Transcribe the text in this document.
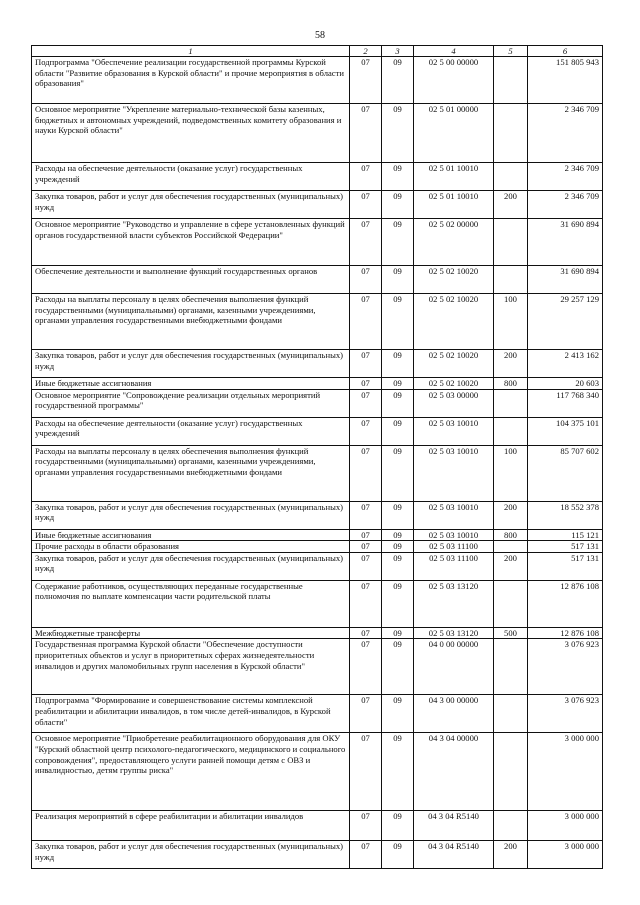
58
1	2	3	4	5	6
Подпрограмма "Обеспечение реализации государственной программы Курской области "Развитие образования в Курской области" и прочие мероприятия в области образования"	07	09	02 5 00 00000		151 805 943
Основное мероприятие "Укрепление материально-технической базы казенных, бюджетных и автономных учреждений, подведомственных комитету образования и науки Курской области"	07	09	02 5 01 00000		2 346 709
Расходы на обеспечение деятельности (оказание услуг) государственных учреждений	07	09	02 5 01 10010		2 346 709
Закупка товаров, работ и услуг для обеспечения государственных (муниципальных) нужд	07	09	02 5 01 10010	200	2 346 709
Основное мероприятие "Руководство и управление в сфере установленных функций органов государственной власти субъектов Российской Федерации"	07	09	02 5 02 00000		31 690 894
Обеспечение деятельности и выполнение функций государственных органов	07	09	02 5 02 10020		31 690 894
Расходы на выплаты персоналу в целях обеспечения выполнения функций государственными (муниципальными) органами, казенными учреждениями, органами управления государственными внебюджетными фондами	07	09	02 5 02 10020	100	29 257 129
Закупка товаров, работ и услуг для обеспечения государственных (муниципальных) нужд	07	09	02 5 02 10020	200	2 413 162
Иные бюджетные ассигнования	07	09	02 5 02 10020	800	20 603
Основное мероприятие "Сопровождение реализации отдельных мероприятий государственной программы"	07	09	02 5 03 00000		117 768 340
Расходы на обеспечение деятельности (оказание услуг) государственных учреждений	07	09	02 5 03 10010		104 375 101
Расходы на выплаты персоналу в целях обеспечения выполнения функций государственными (муниципальными) органами, казенными учреждениями, органами управления государственными внебюджетными фондами	07	09	02 5 03 10010	100	85 707 602
Закупка товаров, работ и услуг для обеспечения государственных (муниципальных) нужд	07	09	02 5 03 10010	200	18 552 378
Иные бюджетные ассигнования	07	09	02 5 03 10010	800	115 121
Прочие расходы в области образования	07	09	02 5 03 11100		517 131
Закупка товаров, работ и услуг для обеспечения государственных (муниципальных) нужд	07	09	02 5 03 11100	200	517 131
Содержание работников, осуществляющих переданные государственные полномочия по выплате компенсации части родительской платы	07	09	02 5 03 13120		12 876 108
Межбюджетные трансферты	07	09	02 5 03 13120	500	12 876 108
Государственная программа Курской области "Обеспечение доступности приоритетных объектов и услуг в приоритетных сферах жизнедеятельности инвалидов и других маломобильных групп населения в Курской области"	07	09	04 0 00 00000		3 076 923
Подпрограмма "Формирование и совершенствование системы комплексной реабилитации и абилитации инвалидов, в том числе детей-инвалидов, в Курской области"	07	09	04 3 00 00000		3 076 923
Основное мероприятие "Приобретение реабилитационного оборудования для ОКУ "Курский областной центр психолого-педагогического, медицинского и социального сопровождения", предоставляющего услуги ранней помощи детям с ОВЗ и инвалидностью, детям группы риска"	07	09	04 3 04 00000		3 000 000
Реализация мероприятий в сфере реабилитации и абилитации инвалидов	07	09	04 3 04 R5140		3 000 000
Закупка товаров, работ и услуг для обеспечения государственных (муниципальных) нужд	07	09	04 3 04 R5140	200	3 000 000
